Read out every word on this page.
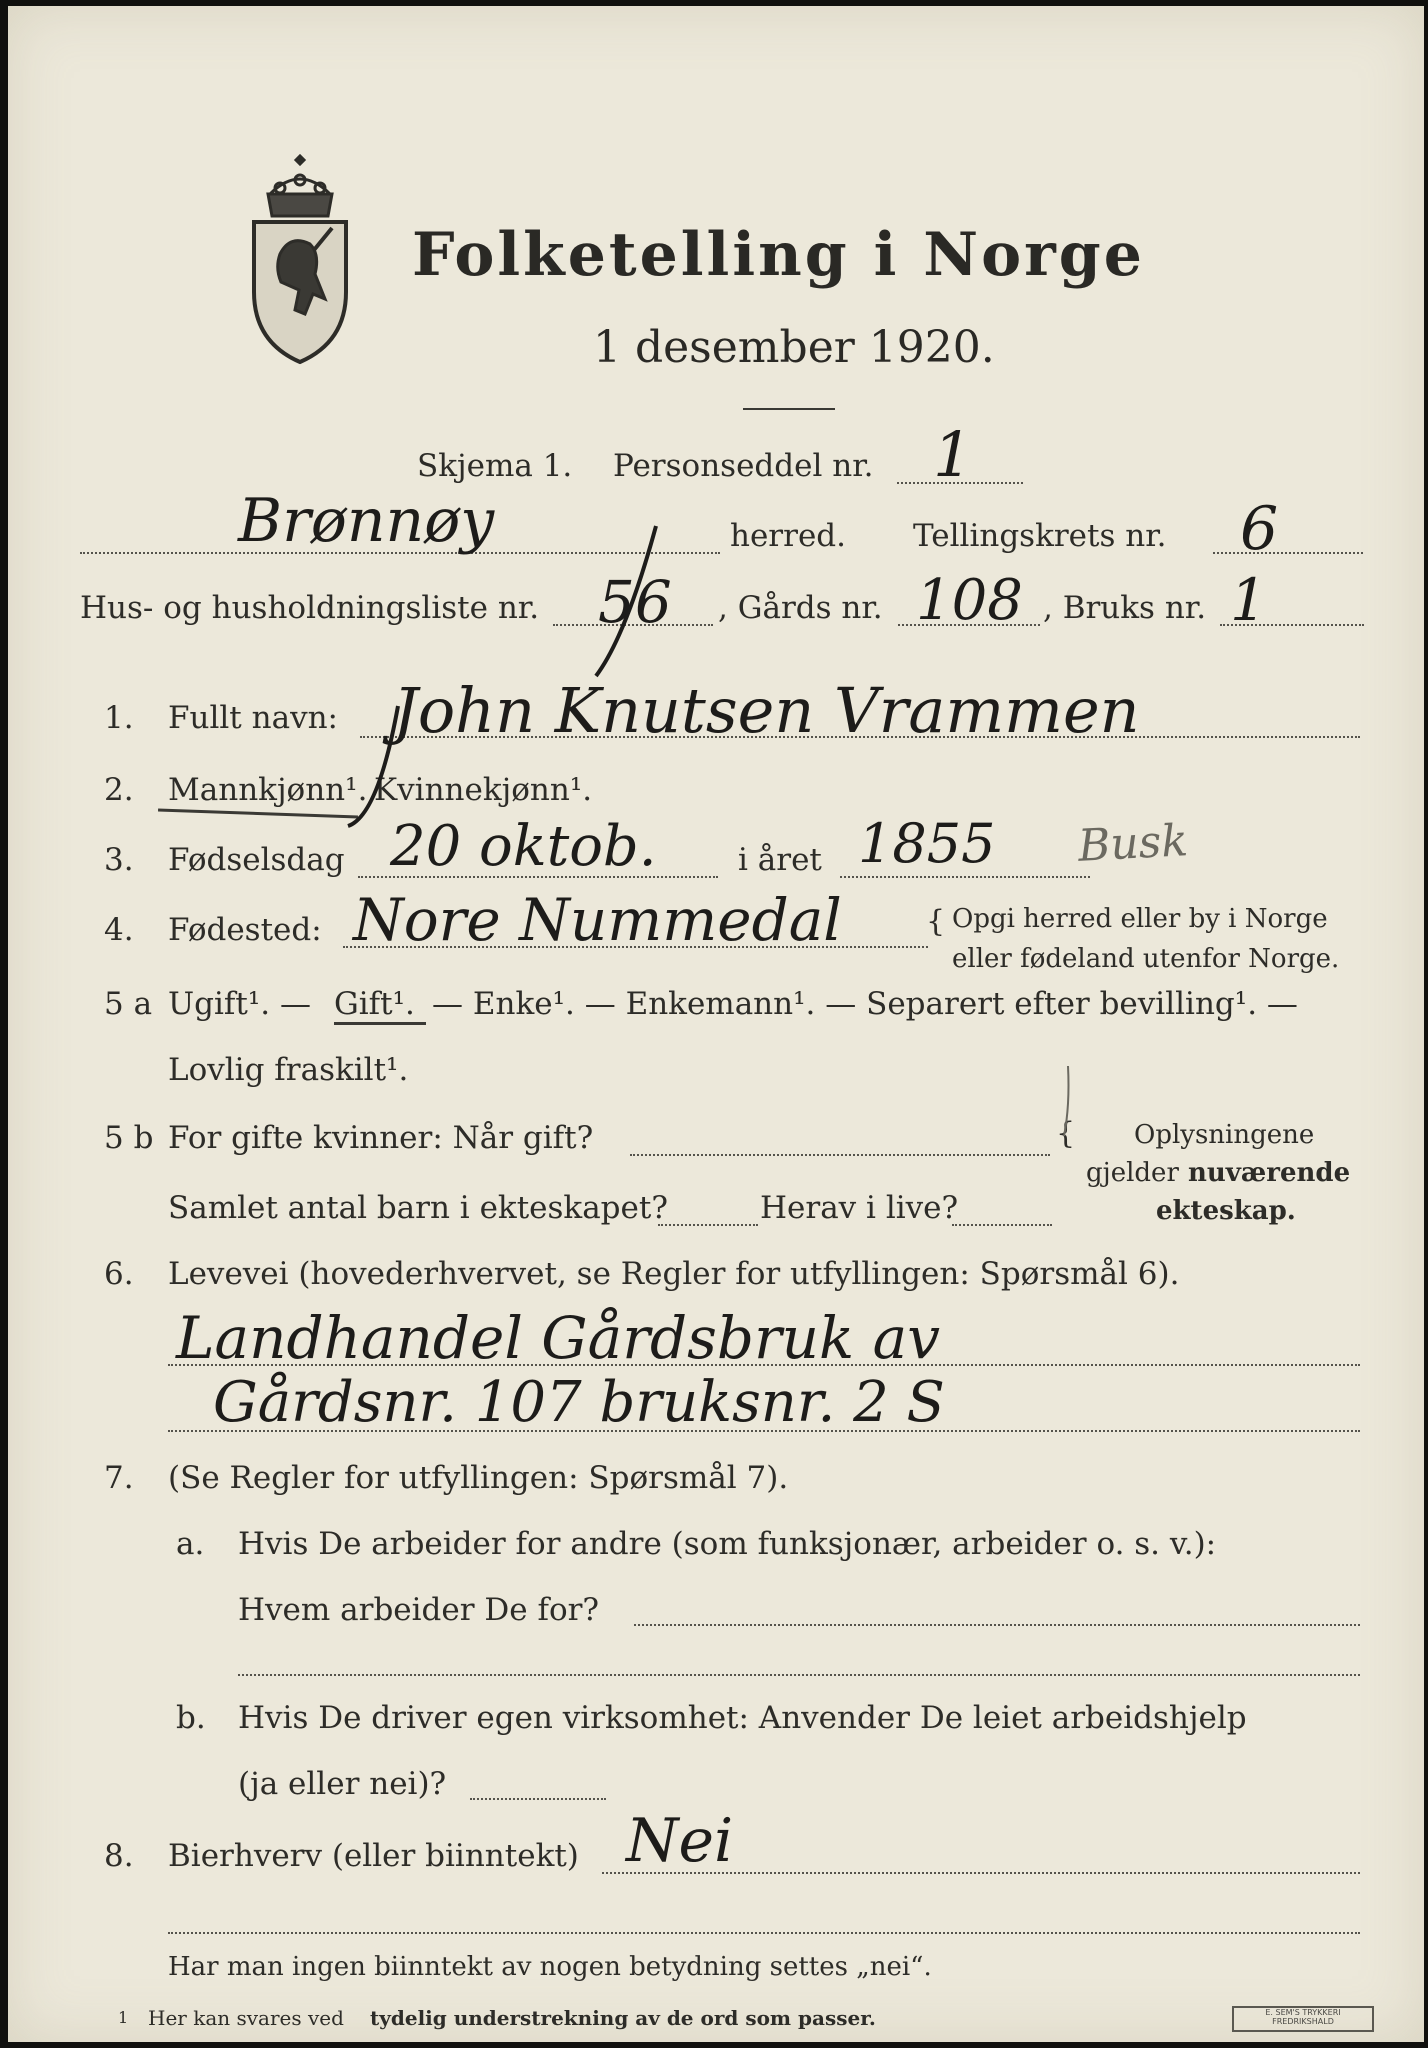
Folketelling i Norge
1 desember 1920.
Skjema 1. Personseddel nr. 1
Brønnøy	herred. Tellingskrets nr. 6
Hus- og husholdningsliste nr. 56 , Gårds nr. 108 , Bruks nr. 1
1.	Fullt navn: John Knutsen Vrammen
2.	Mannkjønn¹. Kvinnekjønn¹.
3.	Fødselsdag 20 oktob.	i året 1855 Busk
4.	Fødested: Nore Nummedal	{ Opgi herred eller by i Norge
eller fødeland utenfor Norge.
5 a Ugift¹. — Gift¹. — Enke¹. — Enkemann¹. — Separert efter bevilling¹. —
Lovlig fraskilt¹.
5 b For gifte kvinner: Når gift?
Samlet antal barn i ekteskapet?	Herav i live?
{ Oplysningene
gjelder nuværende
ekteskap.
6.	Levevei (hovederhvervet, se Regler for utfyllingen: Spørsmål 6).
Landhandel Gårdsbruk av
Gårdsnr. 107 bruksnr. 2 S
7.	(Se Regler for utfyllingen: Spørsmål 7).
a. Hvis De arbeider for andre (som funksjonær, arbeider o. s. v.):
Hvem arbeider De for?
b. Hvis De driver egen virksomhet: Anvender De leiet arbeidshjelp
(ja eller nei)?
8.	Bierhverv (eller biinntekt) Nei
Har man ingen biinntekt av nogen betydning settes „nei“.
1 Her kan svares ved tydelig understrekning av de ord som passer.	E. SEM'S TRYKKERI
FREDRIKSHALD
